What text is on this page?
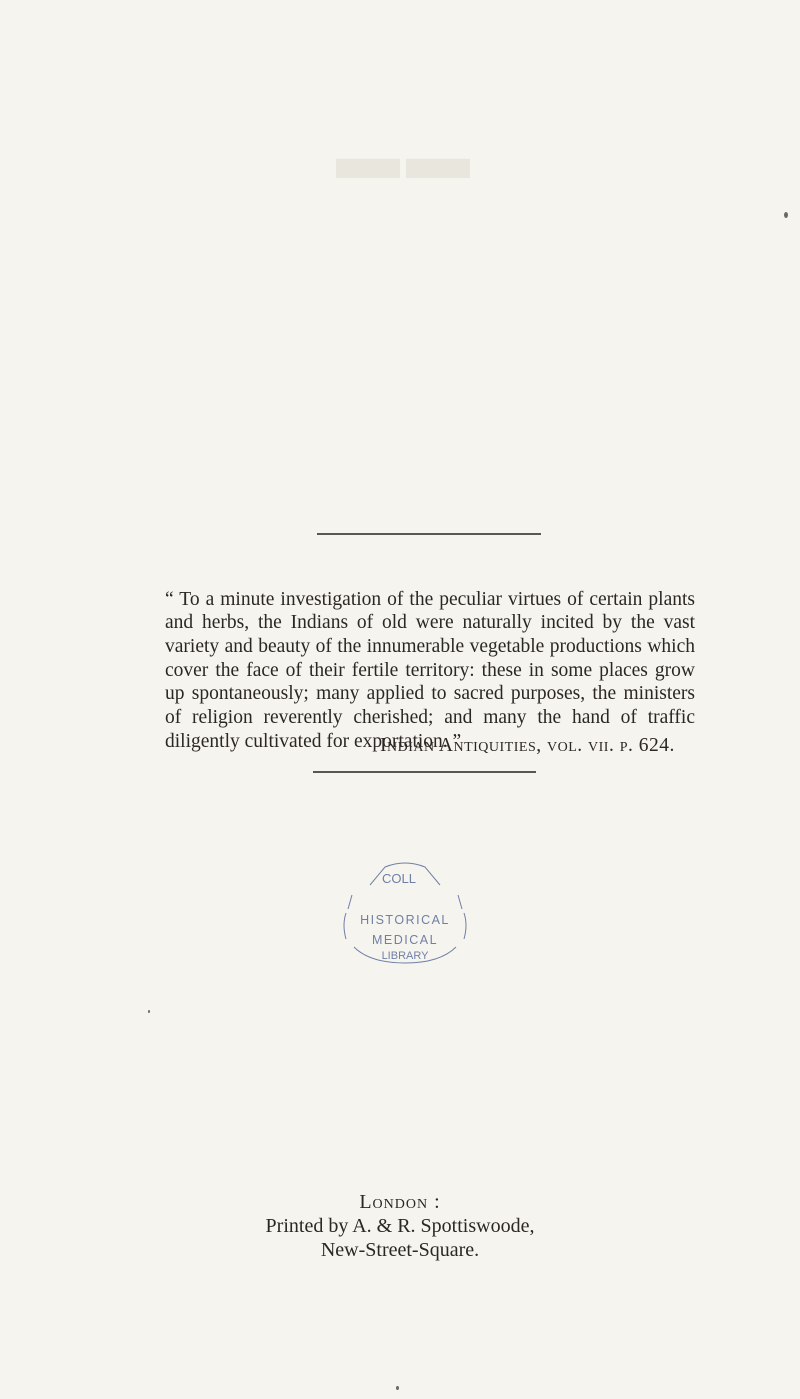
▬▬

“ To a minute investigation of the peculiar virtues of certain plants and herbs, the Indians of old were naturally incited by the vast variety and beauty of the innumerable vegetable productions which cover the face of their fertile territory: these in some places grow up spontaneously; many applied to sacred purposes, the ministers of religion reverently cherished; and many the hand of traffic diligently cultivated for exportation. ”

Indian Antiquities, vol. vii. p. 624.
COLL
HISTORICAL
MEDICAL
LIBRARY
London :
Printed by A. & R. Spottiswoode,
New-Street-Square.
